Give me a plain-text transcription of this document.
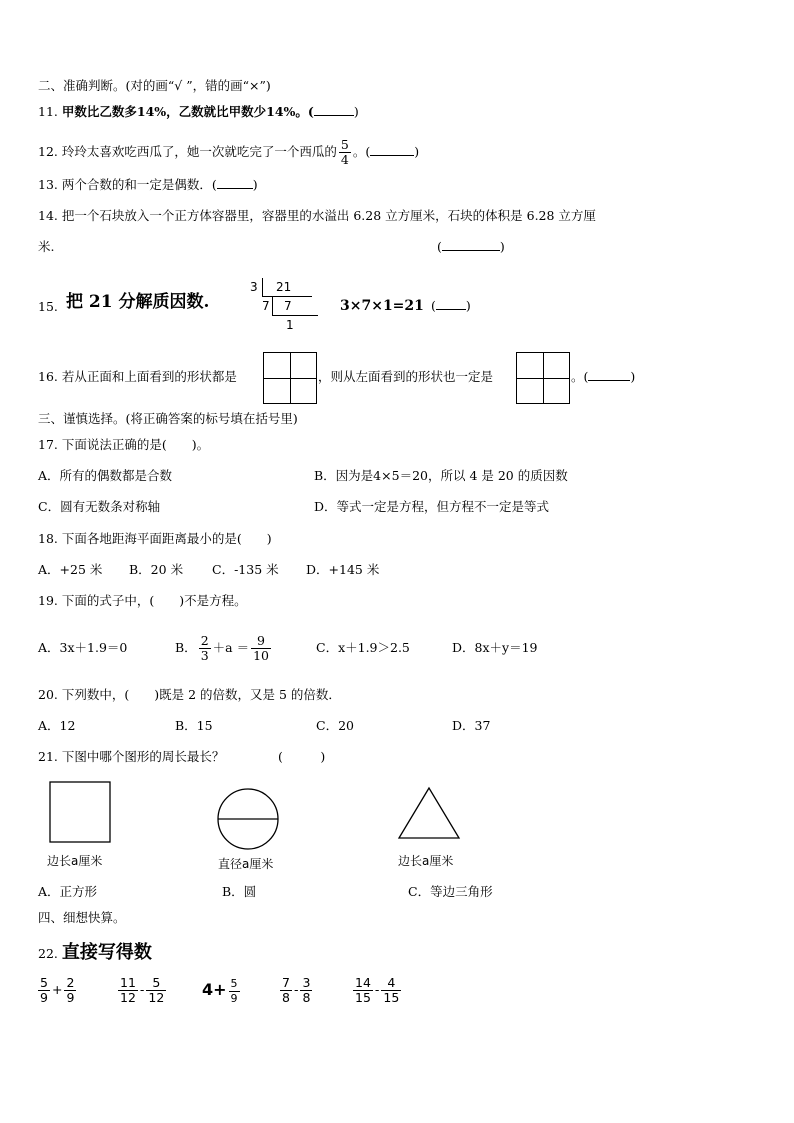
二、准确判断。(对的画“√ ”，错的画“×”)
11. 甲数比乙数多14%，乙数就比甲数少14%。(	)
12. 玲玲太喜欢吃西瓜了，她一次就吃完了一个西瓜的 $\frac{5}{4}$ 。(	)
13. 两个合数的和一定是偶数．(	)
14. 把一个石块放入一个正方体容器里，容器里的水溢出 6.28 立方厘米，石块的体积是 6.28 立方厘
米.	(	)
15. 把 21 分解质因数.
3 21
7 7
1
3×7×1=21 ( )
16. 若从正面和上面看到的形状都是	，则从左面看到的形状也一定是	。(	)
三、谨慎选择。(将正确答案的标号填在括号里)
17. 下面说法正确的是(　　)。
A．所有的偶数都是合数	B．因为是4×5＝20，所以 4 是 20 的质因数
C．圆有无数条对称轴	D．等式一定是方程，但方程不一定是等式
18. 下面各地距海平面距离最小的是(　　)
A．+25 米 B．20 米 C．-135 米 D．+145 米
19. 下面的式子中，(　　)不是方程。
A．3x＋1.9＝0	B． $\frac{2}{3} +a = \frac{9}{10}$	C．x＋1.9＞2.5	D．8x＋y＝19
20. 下列数中，(　　)既是 2 的倍数，又是 5 的倍数．
A．12	B．15	C．20	D．37
21. 下图中哪个图形的周长最长？	(　　　)
边长a厘米	直径a厘米	边长a厘米
A．正方形	B．圆	C．等边三角形
四、细想快算。
22. 直接写得数
$\frac{5}{9} + \frac{2}{9}$	$\frac{11}{12} - \frac{5}{12} 4+ \frac{5}{9}$	$\frac{7}{8} - \frac{3}{8}$	$\frac{14}{15} - \frac{4}{15}$
